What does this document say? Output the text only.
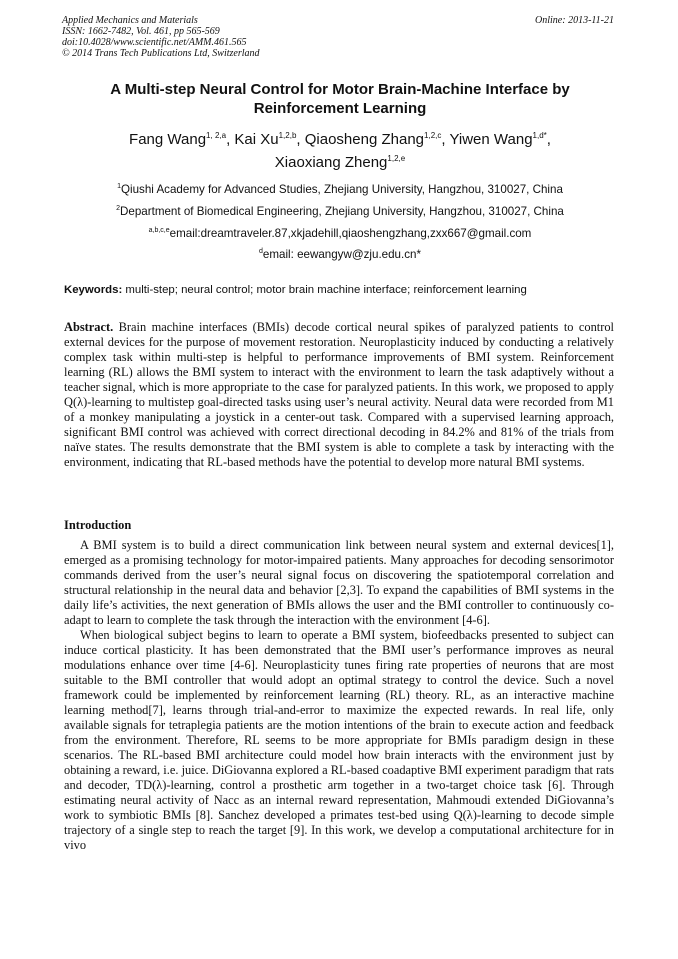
Applied Mechanics and Materials
ISSN: 1662-7482, Vol. 461, pp 565-569
doi:10.4028/www.scientific.net/AMM.461.565
© 2014 Trans Tech Publications Ltd, Switzerland
Online: 2013-11-21
A Multi-step Neural Control for Motor Brain-Machine Interface by
Reinforcement Learning
Fang Wang$^{1, 2,a}$, Kai Xu$^{1,2,b}$, Qiaosheng Zhang$^{1,2,c}$, Yiwen Wang$^{1,d*}$,
Xiaoxiang Zheng$^{1,2,e}$
$^1$Qiushi Academy for Advanced Studies, Zhejiang University, Hangzhou, 310027, China
$^2$Department of Biomedical Engineering, Zhejiang University, Hangzhou, 310027, China
$^{a,b,c,e}$email:dreamtraveler.87,xkjadehill,qiaoshengzhang,zxx667@gmail.com
$^d$email: eewangyw@zju.edu.cn*
Keywords: multi-step; neural control; motor brain machine interface; reinforcement learning

Abstract. Brain machine interfaces (BMIs) decode cortical neural spikes of paralyzed patients to control external devices for the purpose of movement restoration. Neuroplasticity induced by conducting a relatively complex task within multi-step is helpful to performance improvements of BMI system. Reinforcement learning (RL) allows the BMI system to interact with the environment to learn the task adaptively without a teacher signal, which is more appropriate to the case for paralyzed patients. In this work, we proposed to apply Q(λ)-learning to multistep goal-directed tasks using user’s neural activity. Neural data were recorded from M1 of a monkey manipulating a joystick in a center-out task. Compared with a supervised learning approach, significant BMI control was achieved with correct directional decoding in 84.2% and 81% of the trials from naïve states. The results demonstrate that the BMI system is able to complete a task by interacting with the environment, indicating that RL-based methods have the potential to develop more natural BMI systems.

Introduction

A BMI system is to build a direct communication link between neural system and external devices[1], emerged as a promising technology for motor-impaired patients. Many approaches for decoding sensorimotor commands derived from the user’s neural signal focus on discovering the spatiotemporal correlation and structural relationship in the neural data and behavior [2,3]. To expand the capabilities of BMI systems in the daily life’s activities, the next generation of BMIs allows the user and the BMI controller to continuously co-adapt to learn to complete the task through the interaction with the environment [4-6].

When biological subject begins to learn to operate a BMI system, biofeedbacks presented to subject can induce cortical plasticity. It has been demonstrated that the BMI user’s performance improves as neural modulations enhance over time [4-6]. Neuroplasticity tunes firing rate properties of neurons that are most suitable to the BMI controller that would adopt an optimal strategy to control the device. Such a novel framework could be implemented by reinforcement learning (RL) theory. RL, as an interactive machine learning method[7], learns through trial-and-error to maximize the expected rewards. In real life, only available signals for tetraplegia patients are the motion intentions of the brain to execute action and feedback from the environment. Therefore, RL seems to be more appropriate for BMIs paradigm design in these scenarios. The RL-based BMI architecture could model how brain interacts with the environment just by obtaining a reward, i.e. juice. DiGiovanna explored a RL-based coadaptive BMI experiment paradigm that rats and decoder, TD(λ)-learning, control a prosthetic arm together in a two-target choice task [6]. Through estimating neural activity of Nacc as an internal reward representation, Mahmoudi extended DiGiovanna’s work to symbiotic BMIs [8]. Sanchez developed a primates test-bed using Q(λ)-learning to decode simple trajectory of a single step to reach the target [9]. In this work, we develop a computational architecture for in vivo
